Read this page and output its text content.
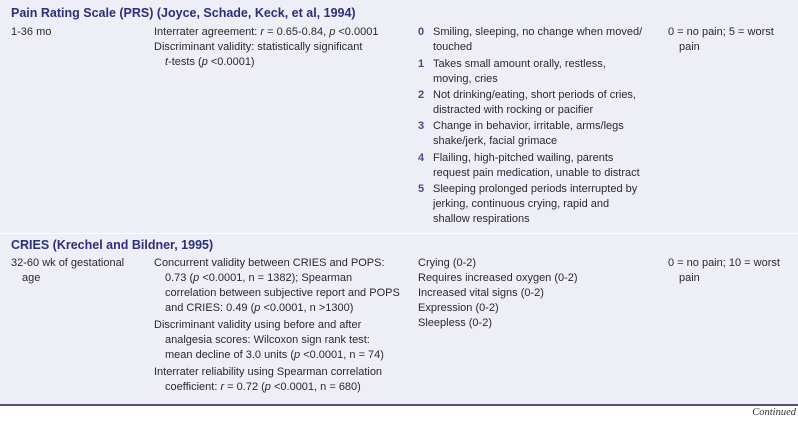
Pain Rating Scale (PRS) (Joyce, Schade, Keck, et al, 1994)
1-36 mo	Interrater agreement: r = 0.65-0.84, p <0.0001
Discriminant validity: statistically significant
t-tests (p <0.0001)
0 Smiling, sleeping, no change when moved/
touched
1 Takes small amount orally, restless,
moving, cries
2 Not drinking/eating, short periods of cries,
distracted with rocking or pacifier
3 Change in behavior, irritable, arms/legs
shake/jerk, facial grimace
4 Flailing, high-pitched wailing, parents
request pain medication, unable to distract
5 Sleeping prolonged periods interrupted by
jerking, continuous crying, rapid and
shallow respirations
0 = no pain; 5 = worst
pain
CRIES (Krechel and Bildner, 1995)
32-60 wk of gestational
age
Concurrent validity between CRIES and POPS:
0.73 (p <0.0001, n = 1382); Spearman
correlation between subjective report and POPS
and CRIES: 0.49 (p <0.0001, n >1300)
Discriminant validity using before and after
analgesia scores: Wilcoxon sign rank test:
mean decline of 3.0 units (p <0.0001, n = 74)
Interrater reliability using Spearman correlation
coefficient: r = 0.72 (p <0.0001, n = 680)
Crying (0-2)
Requires increased oxygen (0-2)
Increased vital signs (0-2)
Expression (0-2)
Sleepless (0-2)
0 = no pain; 10 = worst
pain
Continued
